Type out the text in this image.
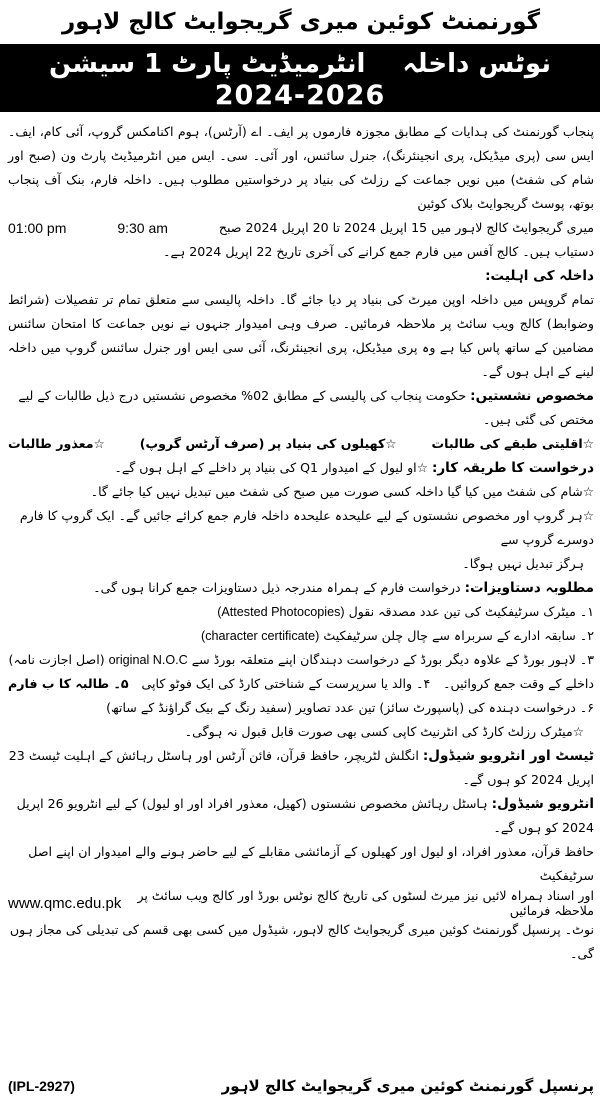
گورنمنٹ کوئین میری گریجوایٹ کالج لاہور
نوٹس داخلہ انٹرمیڈیٹ پارٹ 1 سیشن
2024-2026

پنجاب گورنمنٹ کی ہدایات کے مطابق مجوزہ فارموں پر ایف۔ اے (آرٹس)، ہوم اکنامکس گروپ، آئی کام، ایف۔ ایس سی (پری میڈیکل، پری انجینئرنگ)، جنرل سائنس، اور آئی۔ سی۔ ایس میں انٹرمیڈیٹ پارٹ ون (صبح اور شام کی شفٹ) میں نویں جماعت کے رزلٹ کی بنیاد پر درخواستیں مطلوب ہیں۔ داخلہ فارم، بنک آف پنجاب بوتھ، پوسٹ گریجوایٹ بلاک کوئین

01:00 pm	9:30 am	میری گریجوایٹ کالج لاہور میں 15 اپریل 2024 تا 20 اپریل 2024 صبح

دستیاب ہیں۔ کالج آفس میں فارم جمع کرانے کی آخری تاریخ 22 اپریل 2024 ہے۔

داخلہ کی اہلیت:

تمام گروپس میں داخلہ اوپن میرٹ کی بنیاد پر دیا جائے گا۔ داخلہ پالیسی سے متعلق تمام تر تفصیلات (شرائط وضوابط) کالج ویب سائٹ پر ملاحظہ فرمائیں۔ صرف وہی امیدوار جنہوں نے نویں جماعت کا امتحان سائنس مضامین کے ساتھ پاس کیا ہے وہ پری میڈیکل، پری انجینئرنگ، آئی سی ایس اور جنرل سائنس گروپ میں داخلہ لینے کے اہل ہوں گے۔

مخصوص نشستیں: حکومت پنجاب کی پالیسی کے مطابق 02% مخصوص نشستیں درج ذیل طالبات کے لیے مختص کی گئی ہیں۔

☆اقلیتی طبقے کی طالبات
☆کھیلوں کی بنیاد پر (صرف آرٹس گروپ)
☆معذور طالبات

درخواست کا طریقہ کار: ☆او لیول کے امیدوار Q1 کی بنیاد پر داخلے کے اہل ہوں گے۔

☆شام کی شفٹ میں کیا گیا داخلہ کسی صورت میں صبح کی شفٹ میں تبدیل نہیں کیا جائے گا۔

☆ہر گروپ اور مخصوص نشستوں کے لیے علیحدہ علیحدہ داخلہ فارم جمع کرائے جائیں گے۔ ایک گروپ کا فارم دوسرے گروپ سے

ہرگز تبدیل نہیں ہوگا۔

مطلوبہ دستاویزات: درخواست فارم کے ہمراہ مندرجہ ذیل دستاویزات جمع کرانا ہوں گی۔

۱۔ میٹرک سرٹیفکیٹ کی تین عدد مصدقہ نقول (Attested Photocopies)

۲۔ سابقہ ادارے کے سربراہ سے چال چلن سرٹیفکیٹ (character certificate)

۳۔ لاہور بورڈ کے علاوہ دیگر بورڈ کے درخواست دہندگان اپنے متعلقہ بورڈ سے original N.O.C (اصل اجازت نامہ)

داخلے کے وقت جمع کروائیں۔
۴۔ والد یا سرپرست کے شناختی کارڈ کی ایک فوٹو کاپی
۵۔ طالبہ کا ب فارم

۶۔ درخواست دہندہ کی (پاسپورٹ سائز) تین عدد تصاویر (سفید رنگ کے بیک گراؤنڈ کے ساتھ)

☆میٹرک رزلٹ کارڈ کی انٹرنیٹ کاپی کسی بھی صورت قابل قبول نہ ہوگی۔

ٹیسٹ اور انٹرویو شیڈول: انگلش لٹریچر، حافظ قرآن، فائن آرٹس اور ہاسٹل رہائش کے اہلیت ٹیسٹ 23 اپریل 2024 کو ہوں گے۔

انٹرویو شیڈول: ہاسٹل رہائش مخصوص نشستوں (کھیل، معذور افراد اور او لیول) کے لیے انٹرویو 26 اپریل 2024 کو ہوں گے۔

حافظ قرآن، معذور افراد، او لیول اور کھیلوں کے آزمائشی مقابلے کے لیے حاضر ہونے والے امیدوار ان اپنے اصل سرٹیفکیٹ

اور اسناد ہمراہ لائیں نیز میرٹ لسٹوں کی تاریخ کالج نوٹس بورڈ اور کالج ویب سائٹ پر ملاحظہ فرمائیں
www.qmc.edu.pk

نوٹ۔ پرنسپل گورنمنٹ کوئین میری گریجوایٹ کالج لاہور، شیڈول میں کسی بھی قسم کی تبدیلی کی مجاز ہوں گی۔

(IPL-2927)	پرنسپل گورنمنٹ کوئین میری گریجوایٹ کالج لاہور
